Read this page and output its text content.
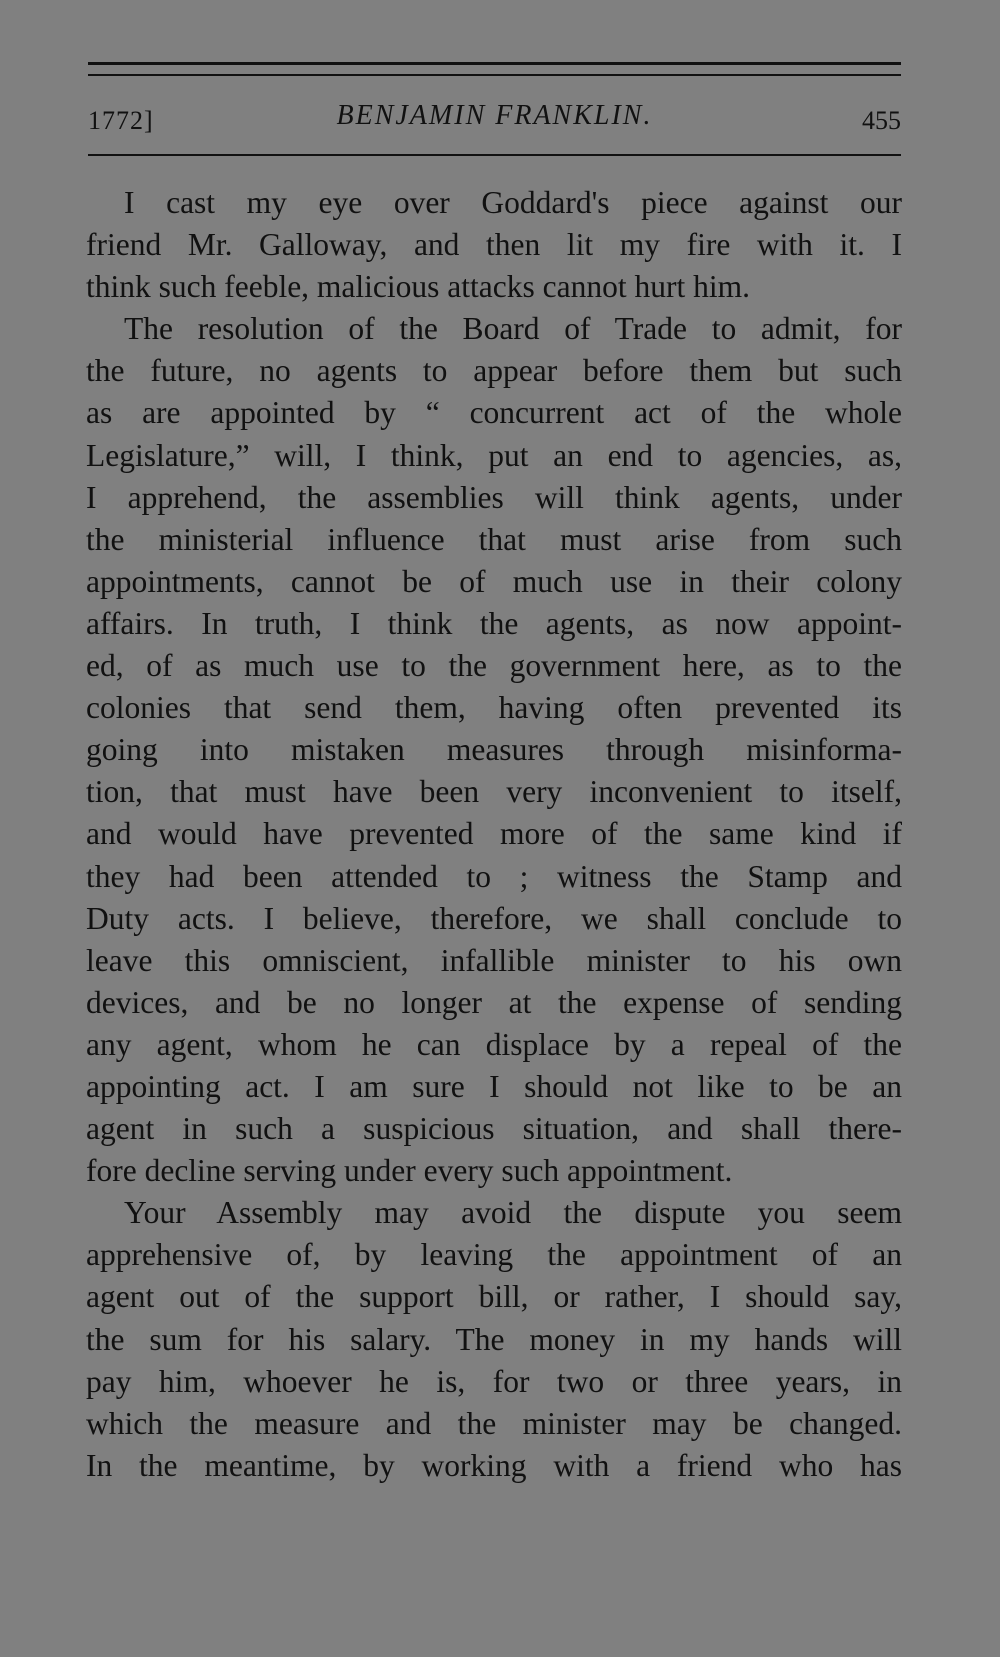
1772]	BENJAMIN FRANKLIN.	455
I cast my eye over Goddard's piece against our
friend Mr. Galloway, and then lit my fire with it. I
think such feeble, malicious attacks cannot hurt him.
The resolution of the Board of Trade to admit, for
the future, no agents to appear before them but such
as are appointed by “ concurrent act of the whole
Legislature,” will, I think, put an end to agencies, as,
I apprehend, the assemblies will think agents, under
the ministerial influence that must arise from such
appointments, cannot be of much use in their colony
affairs. In truth, I think the agents, as now appoint-
ed, of as much use to the government here, as to the
colonies that send them, having often prevented its
going into mistaken measures through misinforma-
tion, that must have been very inconvenient to itself,
and would have prevented more of the same kind if
they had been attended to ; witness the Stamp and
Duty acts. I believe, therefore, we shall conclude to
leave this omniscient, infallible minister to his own
devices, and be no longer at the expense of sending
any agent, whom he can displace by a repeal of the
appointing act. I am sure I should not like to be an
agent in such a suspicious situation, and shall there-
fore decline serving under every such appointment.
Your Assembly may avoid the dispute you seem
apprehensive of, by leaving the appointment of an
agent out of the support bill, or rather, I should say,
the sum for his salary. The money in my hands will
pay him, whoever he is, for two or three years, in
which the measure and the minister may be changed.
In the meantime, by working with a friend who has
